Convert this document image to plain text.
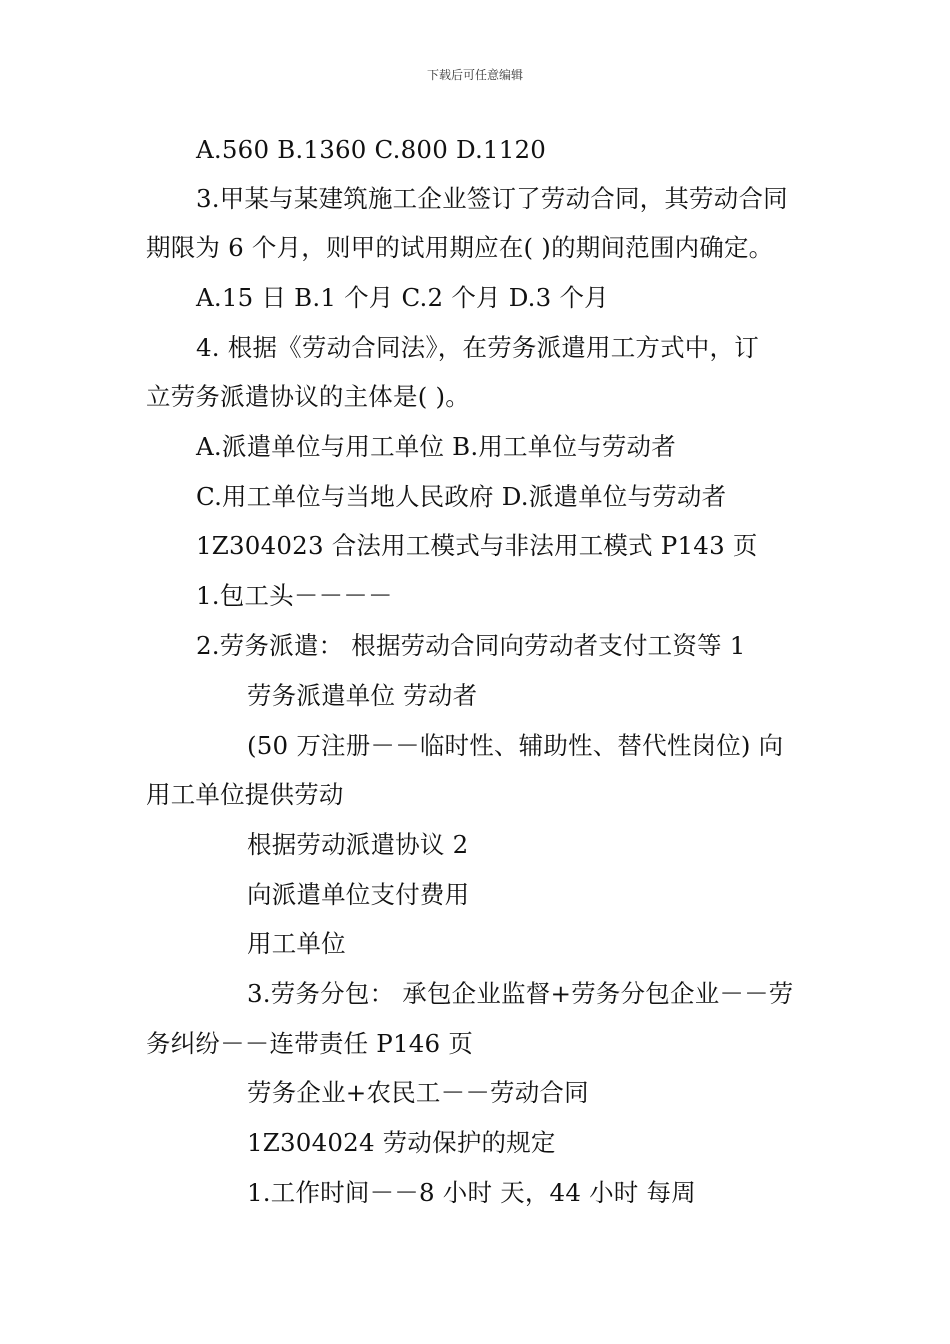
下载后可任意编辑
A.560 B.1360 C.800 D.1120
3.甲某与某建筑施工企业签订了劳动合同，其劳动合同
期限为 6 个月，则甲的试用期应在( )的期间范围内确定。
A.15 日 B.1 个月 C.2 个月 D.3 个月
4. 根据《劳动合同法》，在劳务派遣用工方式中，订
立劳务派遣协议的主体是( )。
A.派遣单位与用工单位 B.用工单位与劳动者
C.用工单位与当地人民政府 D.派遣单位与劳动者
1Z304023 合法用工模式与非法用工模式 P143 页
1.包工头－－－－
2.劳务派遣： 根据劳动合同向劳动者支付工资等 1
劳务派遣单位 劳动者
(50 万注册－－临时性、辅助性、替代性岗位) 向
用工单位提供劳动
根据劳动派遣协议 2
向派遣单位支付费用
用工单位
3.劳务分包： 承包企业监督+劳务分包企业－－劳
务纠纷－－连带责任 P146 页
劳务企业+农民工－－劳动合同
1Z304024 劳动保护的规定
1.工作时间－－8 小时 天，44 小时 每周
